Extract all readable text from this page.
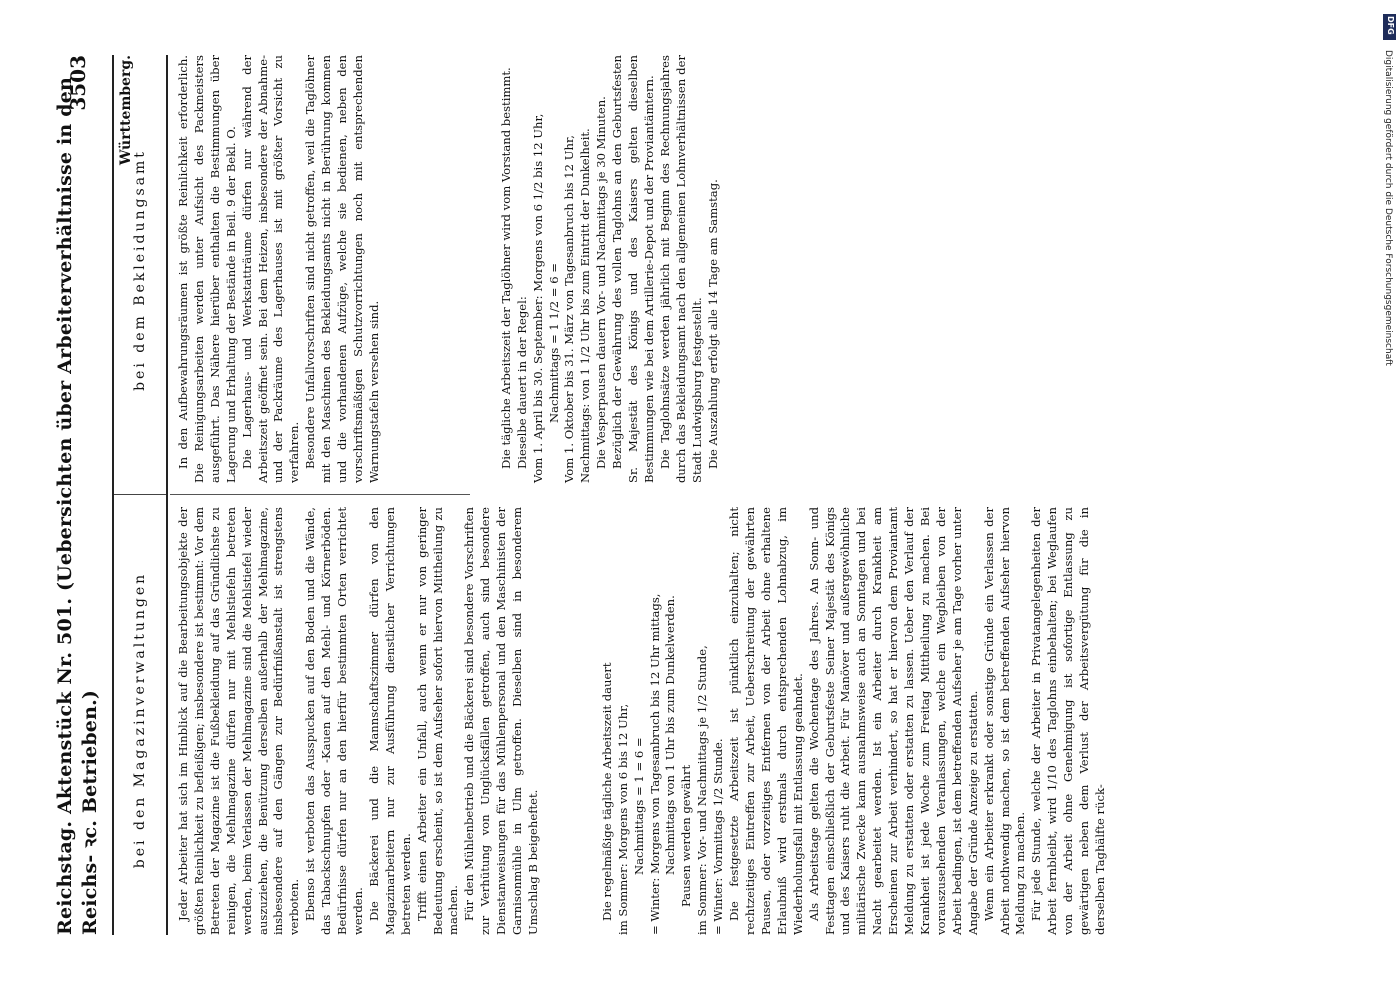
Reichstag. Aktenstück Nr. 501. (Uebersichten über Arbeiterverhältnisse in den Reichs- ꝛc. Betrieben.)
3503 Württemberg.
bei den Magazinverwaltungen
bei dem Bekleidungsamt

Jeder Arbeiter hat sich im Hinblick auf die Bearbeitungsobjekte der größten Reinlichkeit zu befleißigen; insbesondere ist bestimmt: Vor dem Betreten der Magazine ist die Fußbekleidung auf das Gründlichste zu reinigen, die Mehlmagazine dürfen nur mit Mehlstiefeln betreten werden, beim Verlassen der Mehlmagazine sind die Mehlstiefel wieder auszuziehen, die Benützung derselben außerhalb der Mehlmagazine, insbesondere auf den Gängen zur Bedürfnißanstalt ist strengstens verboten. Ebenso ist verboten das Ausspucken auf den Boden und die Wände, das Tabackschnupfen oder -Kauen auf den Mehl- und Körnerböden. Bedürfnisse dürfen nur an den hierfür bestimmten Orten verrichtet werden. Die Bäckerei und die Mannschaftszimmer dürfen von den Magazinarbeitern nur zur Ausführung dienstlicher Verrichtungen betreten werden. Trifft einen Arbeiter ein Unfall, auch wenn er nur von geringer Bedeutung erscheint, so ist dem Aufseher sofort hiervon Mittheilung zu machen. Für den Mühlenbetrieb und die Bäckerei sind besondere Vorschriften zur Verhütung von Unglücksfällen getroffen, auch sind besondere Dienstanweisungen für das Mühlenpersonal und den Maschinisten der Garnisonmühle in Ulm getroffen. Dieselben sind in besonderem Umschlag B beigeheftet.	Die regelmäßige tägliche Arbeitszeit dauert im Sommer: Morgens von 6 bis 12 Uhr, Nachmittags = 1 = 6 = = Winter: Morgens von Tagesanbruch bis 12 Uhr mittags, Nachmittags von 1 Uhr bis zum Dunkelwerden. Pausen werden gewährt im Sommer: Vor- und Nachmittags je 1/2 Stunde, = Winter: Vormittags 1/2 Stunde. Die festgesetzte Arbeitszeit ist pünktlich einzuhalten; nicht rechtzeitiges Eintreffen zur Arbeit, Ueberschreitung der gewährten Pausen, oder vorzeitiges Entfernen von der Arbeit ohne erhaltene Erlaubniß wird erstmals durch entsprechenden Lohnabzug, im Wiederholungsfall mit Entlassung geahndet. Als Arbeitstage gelten die Wochentage des Jahres. An Sonn- und Festtagen einschließlich der Geburtsfeste Seiner Majestät des Königs und des Kaisers ruht die Arbeit. Für Manöver und außergewöhnliche militärische Zwecke kann ausnahmsweise auch an Sonntagen und bei Nacht gearbeitet werden. Ist ein Arbeiter durch Krankheit am Erscheinen zur Arbeit verhindert, so hat er hiervon dem Proviantamt Meldung zu erstatten oder erstatten zu lassen. Ueber den Verlauf der Krankheit ist jede Woche zum Freitag Mittheilung zu machen. Bei vorauszusehenden Veranlassungen, welche ein Wegbleiben von der Arbeit bedingen, ist dem betreffenden Aufseher je am Tage vorher unter Angabe der Gründe Anzeige zu erstatten. Wenn ein Arbeiter erkrankt oder sonstige Gründe ein Verlassen der Arbeit nothwendig machen, so ist dem betreffenden Aufseher hiervon Meldung zu machen. Für jede Stunde, welche der Arbeiter in Privatangelegenheiten der Arbeit fernbleibt, wird 1/10 des Taglohns einbehalten; bei Weglaufen von der Arbeit ohne Genehmigung ist sofortige Entlassung zu gewärtigen neben dem Verlust der Arbeitsvergütung für die in derselben Taghälfte rück-

In den Aufbewahrungsräumen ist größte Reinlichkeit erforderlich. Die Reinigungsarbeiten werden unter Aufsicht des Packmeisters ausgeführt. Das Nähere hierüber enthalten die Bestimmungen über Lagerung und Erhaltung der Bestände in Beil. 9 der Bekl. O. Die Lagerhaus- und Werkstatträume dürfen nur während der Arbeitszeit geöffnet sein. Bei dem Heizen, insbesondere der Abnahme- und der Packräume des Lagerhauses ist mit größter Vorsicht zu verfahren. Besondere Unfallvorschriften sind nicht getroffen, weil die Taglöhner mit den Maschinen des Bekleidungsamts nicht in Berührung kommen und die vorhandenen Aufzüge, welche sie bedienen, neben den vorschriftsmäßigen Schutzvorrichtungen noch mit entsprechenden Warnungstafeln versehen sind.	Die tägliche Arbeitszeit der Taglöhner wird vom Vorstand bestimmt. Dieselbe dauert in der Regel: Vom 1. April bis 30. September: Morgens von 6 1/2 bis 12 Uhr, Nachmittags = 1 1/2 = 6 = Vom 1. Oktober bis 31. März von Tagesanbruch bis 12 Uhr, Nachmittags: von 1 1/2 Uhr bis zum Eintritt der Dunkelheit. Die Vesperpausen dauern Vor- und Nachmittags je 30 Minuten. Bezüglich der Gewährung des vollen Taglohns an den Geburtsfesten Sr. Majestät des Königs und des Kaisers gelten dieselben Bestimmungen wie bei dem Artillerie-Depot und der Proviantämtern. Die Taglohnsätze werden jährlich mit Beginn des Rechnungsjahres durch das Bekleidungsamt nach den allgemeinen Lohnverhältnissen der Stadt Ludwigsburg festgestellt. Die Auszahlung erfolgt alle 14 Tage am Samstag.

DFG
Digitalisierung gefördert durch die Deutsche Forschungsgemeinschaft
